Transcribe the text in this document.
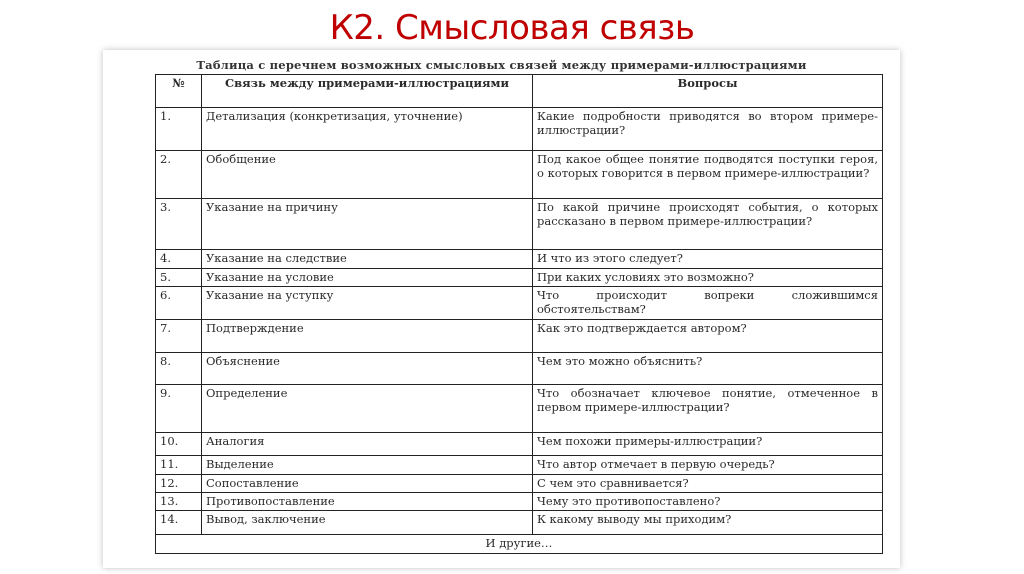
К2. Смысловая связь
Таблица с перечнем возможных смысловых связей между примерами-иллюстрациями
№	Связь между примерами-иллюстрациями	Вопросы
1.	Детализация (конкретизация, уточнение)	Какие подробности приводятся во втором примере-иллюстрации?
2.	Обобщение	Под какое общее понятие подводятся поступки героя, о которых говорится в первом примере-иллюстрации?
3.	Указание на причину	По какой причине происходят события, о которых рассказано в первом примере-иллюстрации?
4.	Указание на следствие	И что из этого следует?
5.	Указание на условие	При каких условиях это возможно?
6.	Указание на уступку	Что происходит вопреки сложившимся обстоятельствам?
7.	Подтверждение	Как это подтверждается автором?
8.	Объяснение	Чем это можно объяснить?
9.	Определение	Что обозначает ключевое понятие, отмеченное в первом примере-иллюстрации?
10.	Аналогия	Чем похожи примеры-иллюстрации?
11.	Выделение	Что автор отмечает в первую очередь?
12.	Сопоставление	С чем это сравнивается?
13.	Противопоставление	Чему это противопоставлено?
14.	Вывод, заключение	К какому выводу мы приходим?
И другие…		
